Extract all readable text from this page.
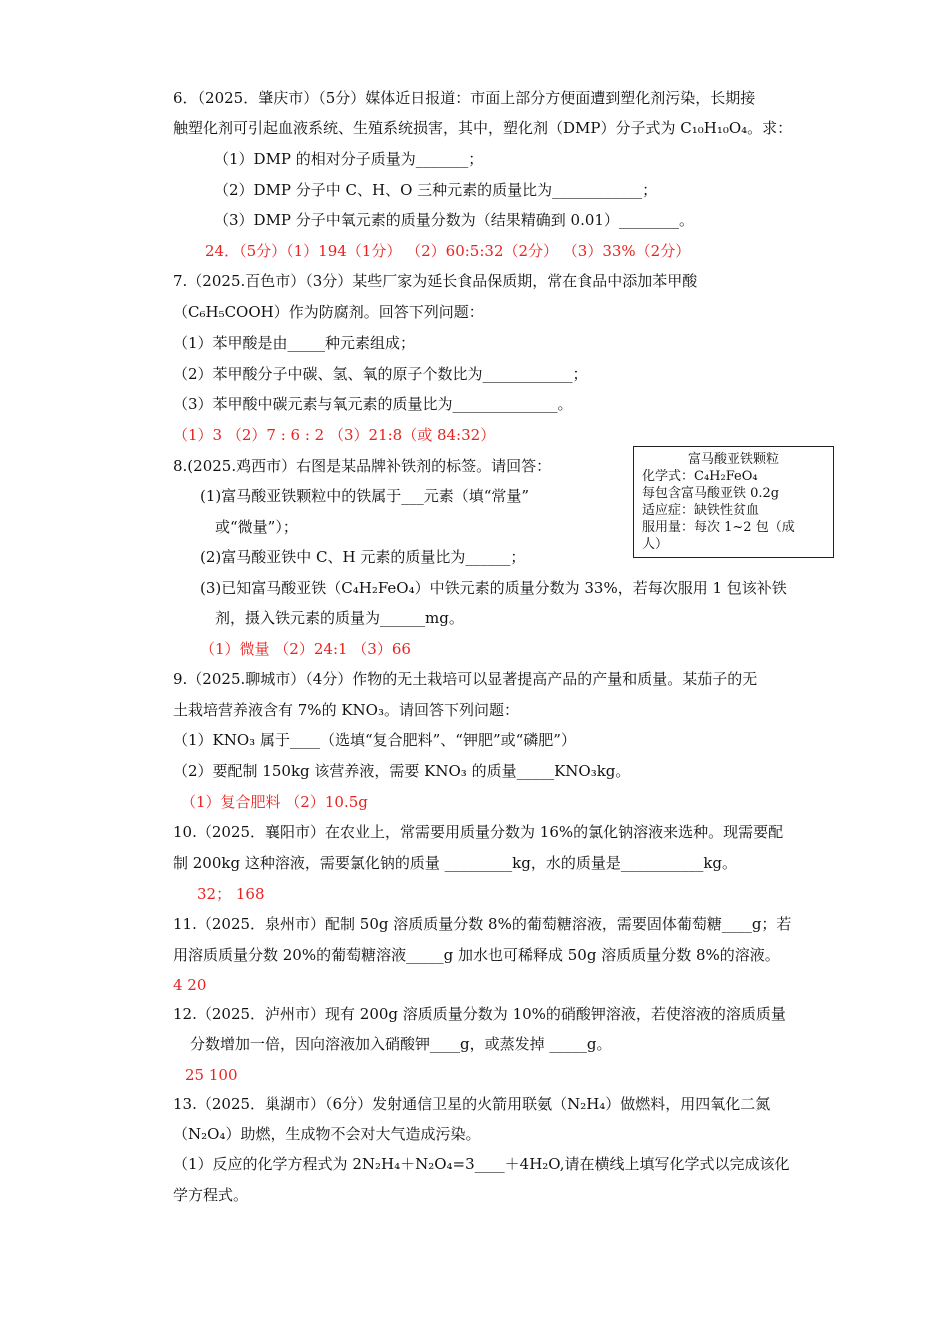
6．（2025．肇庆市）（5分）媒体近日报道：市面上部分方便面遭到塑化剂污染，长期接
触塑化剂可引起血液系统、生殖系统损害，其中，塑化剂（DMP）分子式为 C₁₀H₁₀O₄。求：
（1）DMP 的相对分子质量为_______；
（2）DMP 分子中 C、H、O 三种元素的质量比为____________；
（3）DMP 分子中氧元素的质量分数为（结果精确到 0.01）________。
24．（5分）（1）194（1分） （2）60:5:32（2分） （3）33%（2分）
7.（2025.百色市）（3分）某些厂家为延长食品保质期，常在食品中添加苯甲酸
（C₆H₅COOH）作为防腐剂。回答下列问题：
（1）苯甲酸是由_____种元素组成；
（2）苯甲酸分子中碳、氢、氧的原子个数比为____________；
（3）苯甲酸中碳元素与氧元素的质量比为______________。
（1）3 （2）7 : 6 : 2 （3）21:8（或 84:32）
8.(2025.鸡西市）右图是某品牌补铁剂的标签。请回答：
(1)富马酸亚铁颗粒中的铁属于___元素（填“常量”
或“微量”）；
(2)富马酸亚铁中 C、H 元素的质量比为______；
(3)已知富马酸亚铁（C₄H₂FeO₄）中铁元素的质量分数为 33%，若每次服用 1 包该补铁
剂，摄入铁元素的质量为______mg。
（1）微量 （2）24:1 （3）66
富马酸亚铁颗粒
化学式：C₄H₂FeO₄
每包含富马酸亚铁 0.2g
适应症：缺铁性贫血
服用量：每次 1~2 包（成
人）
9.（2025.聊城市）（4分）作物的无土栽培可以显著提高产品的产量和质量。某茄子的无
土栽培营养液含有 7%的 KNO₃。请回答下列问题：
（1）KNO₃ 属于____（选填“复合肥料”、“钾肥”或“磷肥”）
（2）要配制 150kg 该营养液，需要 KNO₃ 的质量_____KNO₃kg。
（1）复合肥料 （2）10.5g
10.（2025．襄阳市）在农业上，常需要用质量分数为 16%的氯化钠溶液来选种。现需要配
制 200kg 这种溶液，需要氯化钠的质量 _________kg，水的质量是___________kg。
32； 168
11.（2025．泉州市）配制 50g 溶质质量分数 8%的葡萄糖溶液，需要固体葡萄糖____g；若
用溶质质量分数 20%的葡萄糖溶液_____g 加水也可稀释成 50g 溶质质量分数 8%的溶液。
4 20
12.（2025．泸州市）现有 200g 溶质质量分数为 10%的硝酸钾溶液，若使溶液的溶质质量
分数增加一倍，因向溶液加入硝酸钾____g，或蒸发掉 _____g。
25 100
13.（2025．巢湖市）（6分）发射通信卫星的火箭用联氨（N₂H₄）做燃料，用四氧化二氮
（N₂O₄）助燃，生成物不会对大气造成污染。
（1）反应的化学方程式为 2N₂H₄＋N₂O₄=3____＋4H₂O,请在横线上填写化学式以完成该化
学方程式。
